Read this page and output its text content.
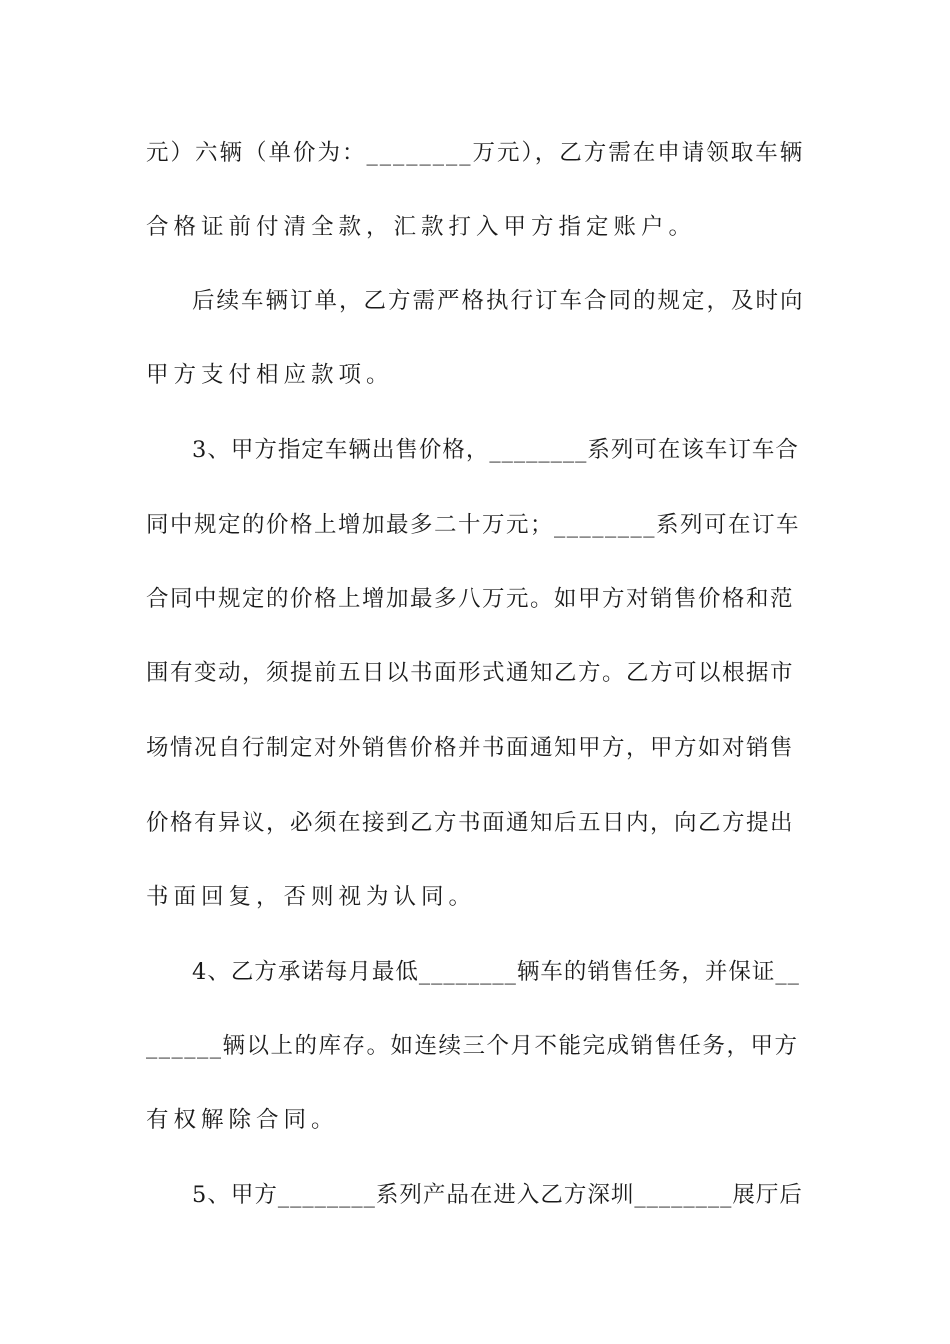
元）六辆（单价为：________万元），乙方需在申请领取车辆
合格证前付清全款，汇款打入甲方指定账户。
后续车辆订单，乙方需严格执行订车合同的规定，及时向
甲方支付相应款项。
3、甲方指定车辆出售价格，________系列可在该车订车合
同中规定的价格上增加最多二十万元；________系列可在订车
合同中规定的价格上增加最多八万元。如甲方对销售价格和范
围有变动，须提前五日以书面形式通知乙方。乙方可以根据市
场情况自行制定对外销售价格并书面通知甲方，甲方如对销售
价格有异议，必须在接到乙方书面通知后五日内，向乙方提出
书面回复，否则视为认同。
4、乙方承诺每月最低________辆车的销售任务，并保证__
______辆以上的库存。如连续三个月不能完成销售任务，甲方
有权解除合同。
5、甲方________系列产品在进入乙方深圳________展厅后
